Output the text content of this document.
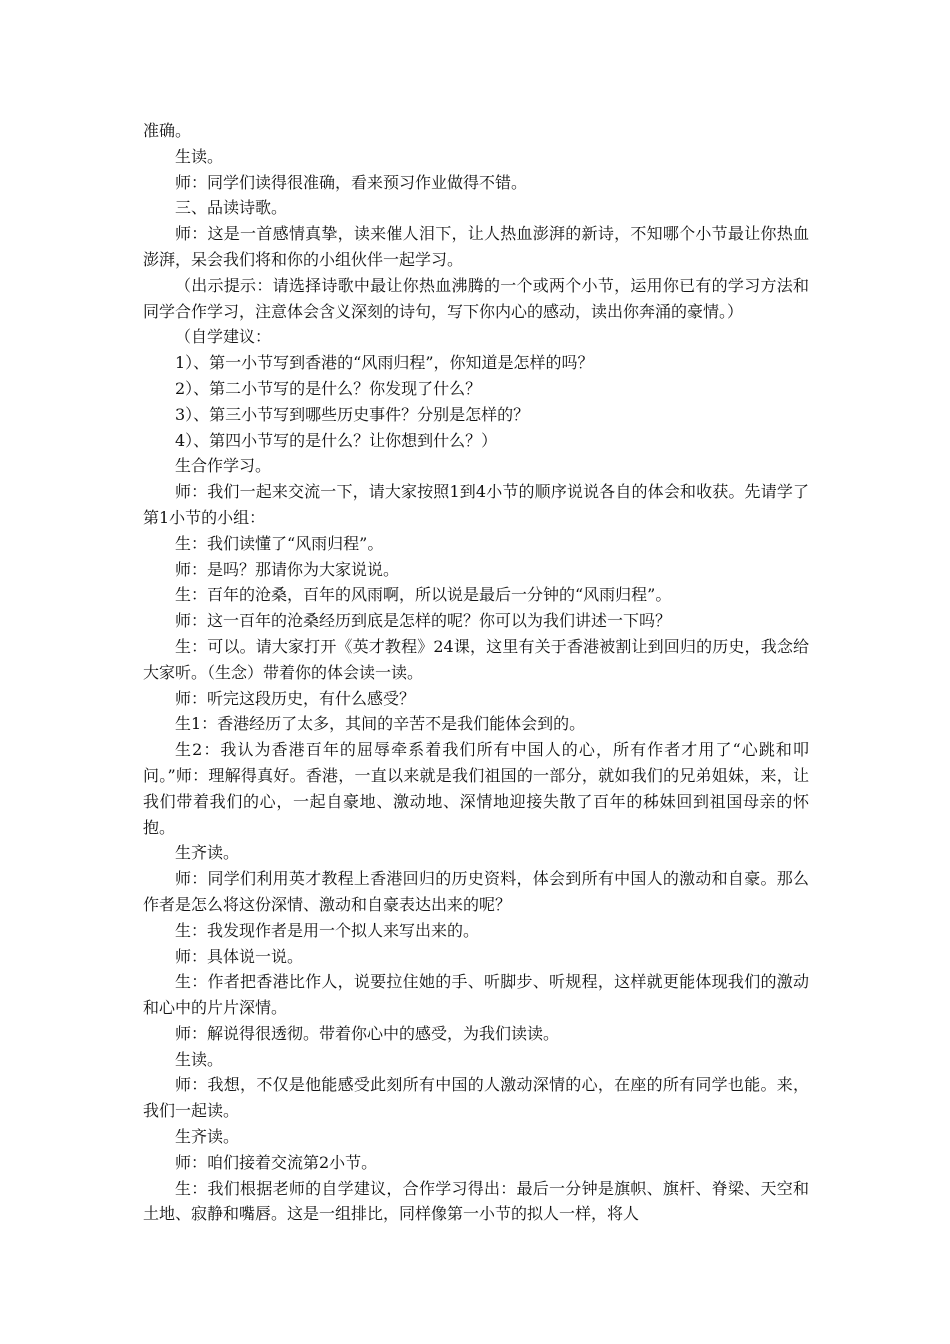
准确。

生读。

师：同学们读得很准确，看来预习作业做得不错。

三、品读诗歌。

师：这是一首感情真挚，读来催人泪下，让人热血澎湃的新诗，不知哪个小节最让你热血澎湃，呆会我们将和你的小组伙伴一起学习。

（出示提示：请选择诗歌中最让你热血沸腾的一个或两个小节，运用你已有的学习方法和同学合作学习，注意体会含义深刻的诗句，写下你内心的感动，读出你奔涌的豪情。）

（自学建议：

1）、第一小节写到香港的“风雨归程”，你知道是怎样的吗？

2）、第二小节写的是什么？你发现了什么？

3）、第三小节写到哪些历史事件？分别是怎样的？

4）、第四小节写的是什么？让你想到什么？）

生合作学习。

师：我们一起来交流一下，请大家按照1到4小节的顺序说说各自的体会和收获。先请学了第1小节的小组：

生：我们读懂了“风雨归程”。

师：是吗？那请你为大家说说。

生：百年的沧桑，百年的风雨啊，所以说是最后一分钟的“风雨归程”。

师：这一百年的沧桑经历到底是怎样的呢？你可以为我们讲述一下吗？

生：可以。请大家打开《英才教程》24课，这里有关于香港被割让到回归的历史，我念给大家听。（生念）带着你的体会读一读。

师：听完这段历史，有什么感受？

生1：香港经历了太多，其间的辛苦不是我们能体会到的。

生2：我认为香港百年的屈辱牵系着我们所有中国人的心，所有作者才用了“心跳和叩问。”师：理解得真好。香港，一直以来就是我们祖国的一部分，就如我们的兄弟姐妹，来，让我们带着我们的心，一起自豪地、激动地、深情地迎接失散了百年的秭妹回到祖国母亲的怀抱。

生齐读。

师：同学们利用英才教程上香港回归的历史资料，体会到所有中国人的激动和自豪。那么作者是怎么将这份深情、激动和自豪表达出来的呢？

生：我发现作者是用一个拟人来写出来的。

师：具体说一说。

生：作者把香港比作人，说要拉住她的手、听脚步、听规程，这样就更能体现我们的激动和心中的片片深情。

师：解说得很透彻。带着你心中的感受，为我们读读。

生读。

师：我想，不仅是他能感受此刻所有中国的人激动深情的心，在座的所有同学也能。来，我们一起读。

生齐读。

师：咱们接着交流第2小节。

生：我们根据老师的自学建议，合作学习得出：最后一分钟是旗帜、旗杆、脊梁、天空和土地、寂静和嘴唇。这是一组排比，同样像第一小节的拟人一样，将人
